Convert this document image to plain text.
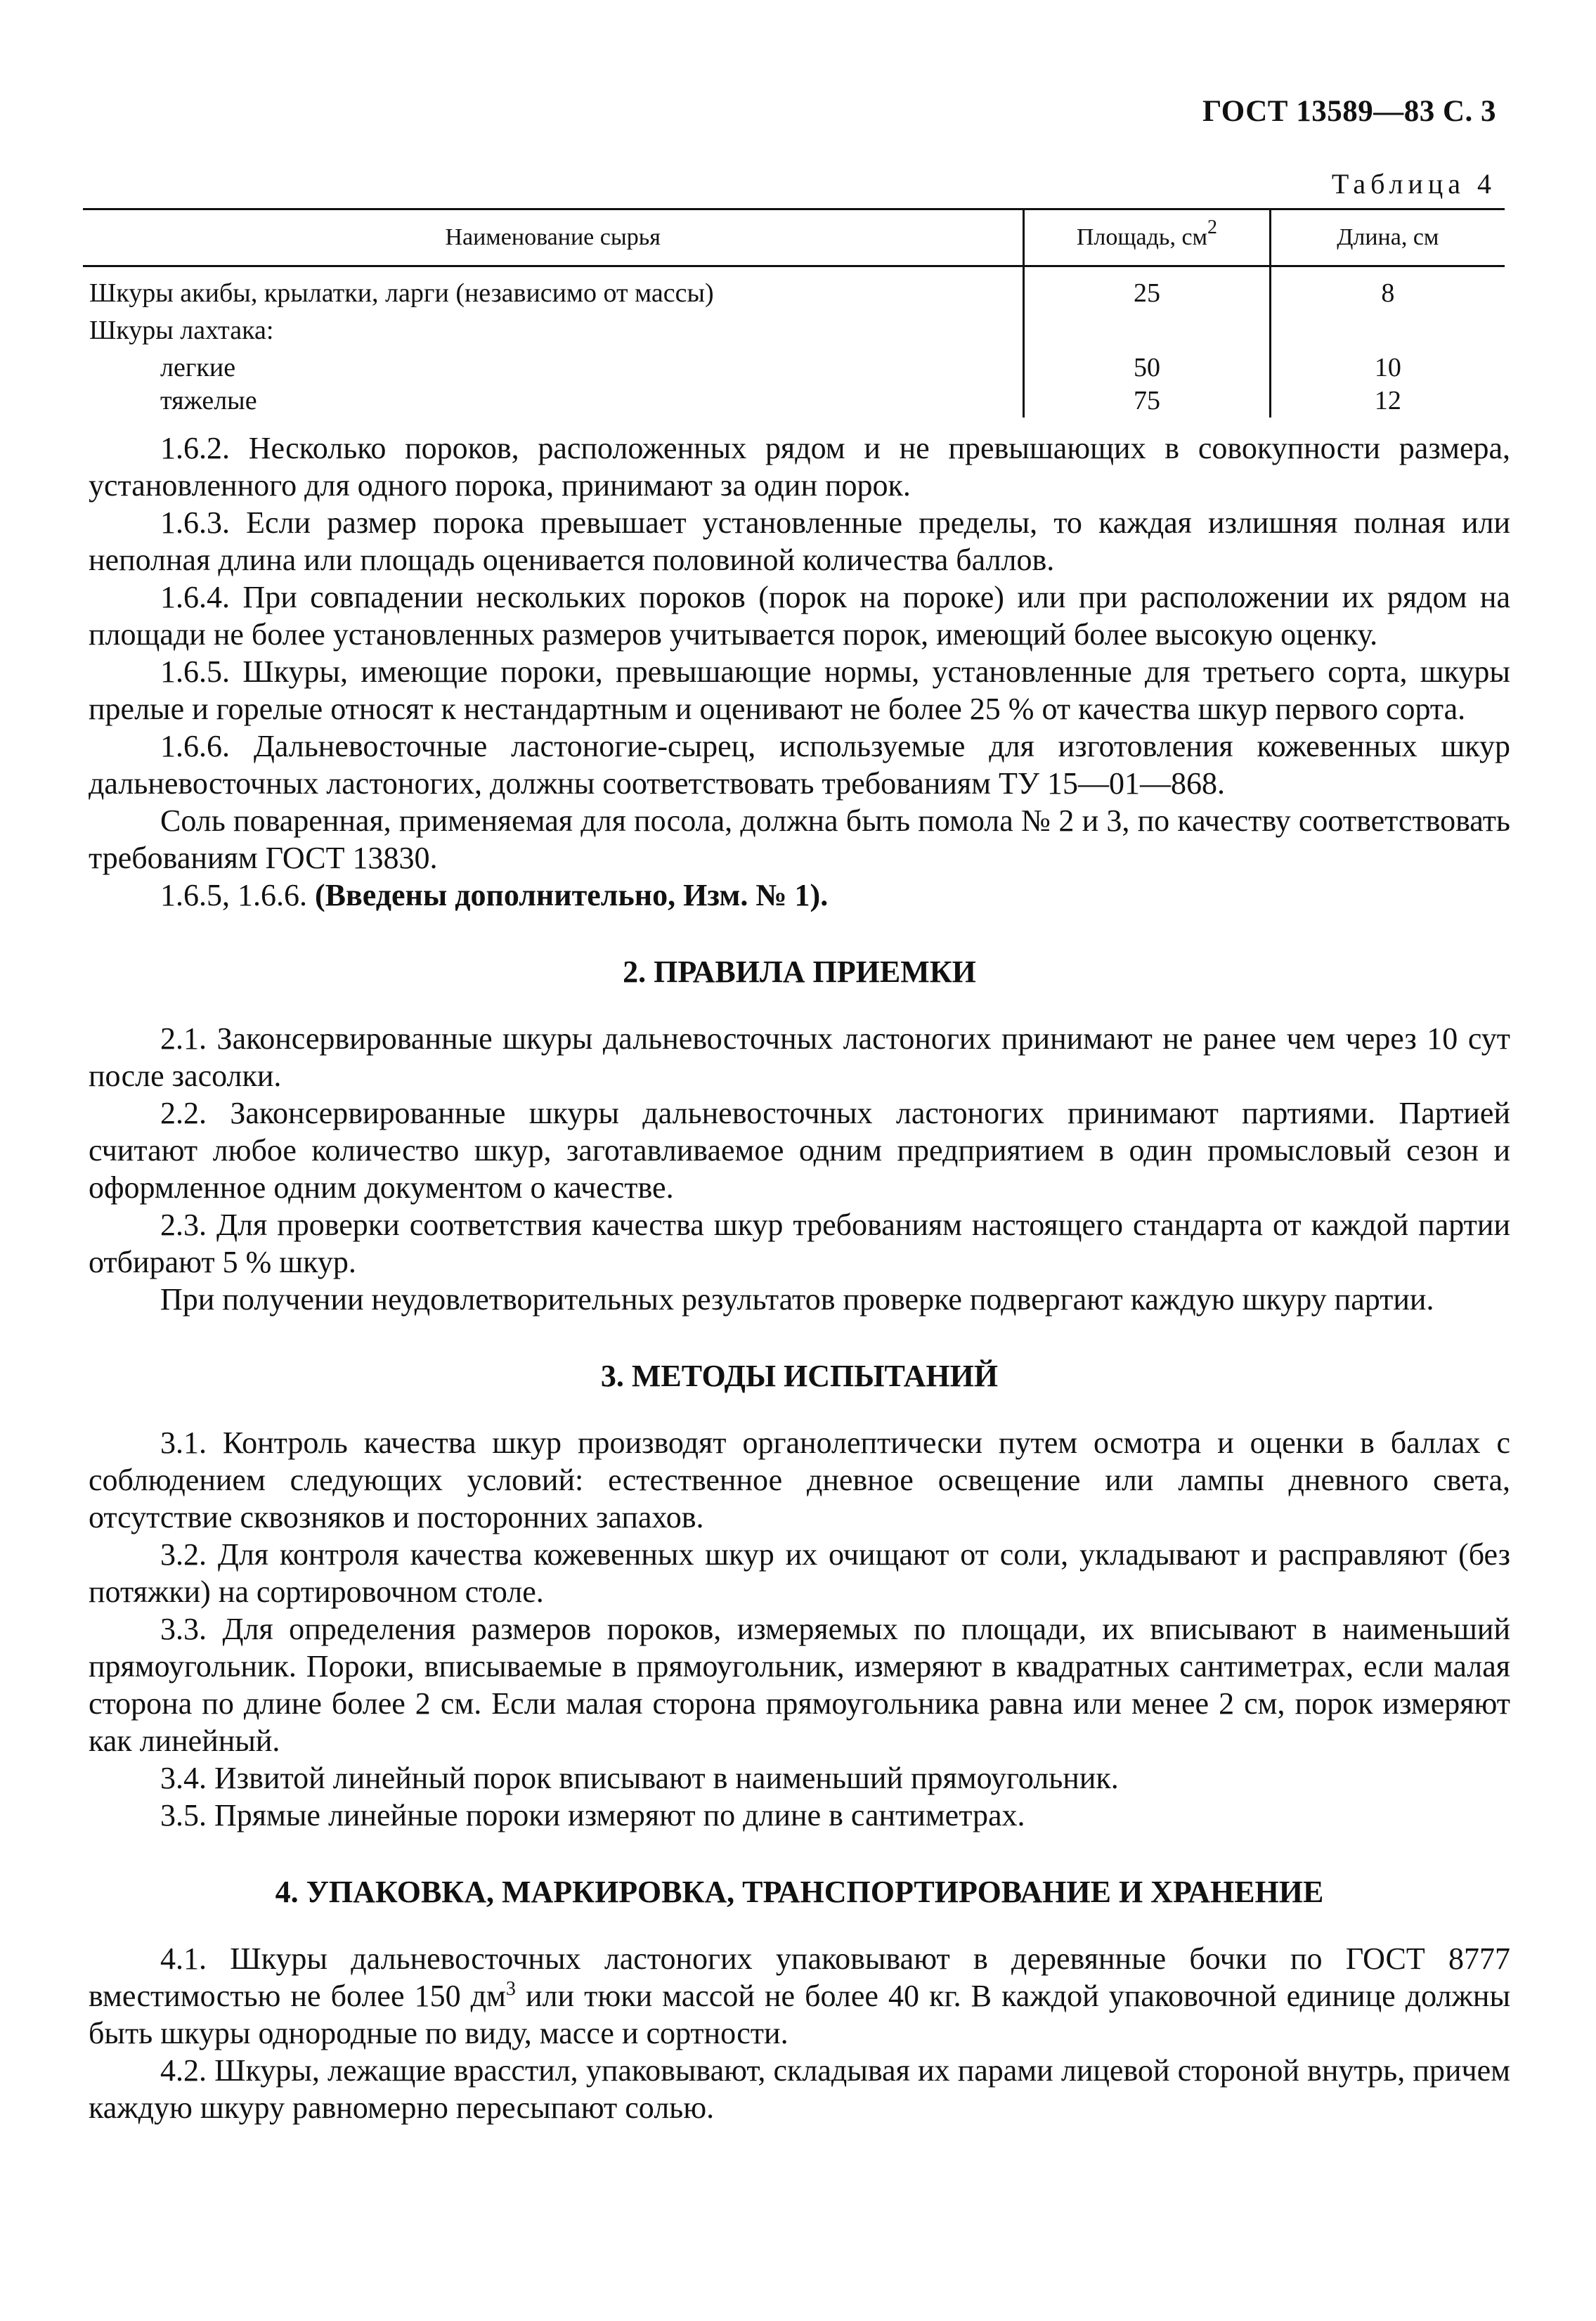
ГОСТ 13589—83 С. 3
Таблица 4
Наименование сырья	Площадь, $см^2$	Длина, см
Шкуры акибы, крылатки, ларги (независимо от массы)	25	8
Шкуры лахтака:		
легкие	50	10
тяжелые	75	12

1.6.2. Несколько пороков, расположенных рядом и не превышающих в совокупности размера, установленного для одного порока, принимают за один порок.

1.6.3. Если размер порока превышает установленные пределы, то каждая излишняя полная или неполная длина или площадь оценивается половиной количества баллов.

1.6.4. При совпадении нескольких пороков (порок на пороке) или при расположении их рядом на площади не более установленных размеров учитывается порок, имеющий более высокую оценку.

1.6.5. Шкуры, имеющие пороки, превышающие нормы, установленные для третьего сорта, шкуры прелые и горелые относят к нестандартным и оценивают не более 25 % от качества шкур первого сорта.

1.6.6. Дальневосточные ластоногие-сырец, используемые для изготовления кожевенных шкур дальневосточных ластоногих, должны соответствовать требованиям ТУ 15—01—868.

Соль поваренная, применяемая для посола, должна быть помола № 2 и 3, по качеству соответствовать требованиям ГОСТ 13830.

1.6.5, 1.6.6. (Введены дополнительно, Изм. № 1).

2. ПРАВИЛА ПРИЕМКИ

2.1. Законсервированные шкуры дальневосточных ластоногих принимают не ранее чем через 10 сут после засолки.

2.2. Законсервированные шкуры дальневосточных ластоногих принимают партиями. Партией считают любое количество шкур, заготавливаемое одним предприятием в один промысловый сезон и оформленное одним документом о качестве.

2.3. Для проверки соответствия качества шкур требованиям настоящего стандарта от каждой партии отбирают 5 % шкур.

При получении неудовлетворительных результатов проверке подвергают каждую шкуру партии.

3. МЕТОДЫ ИСПЫТАНИЙ

3.1. Контроль качества шкур производят органолептически путем осмотра и оценки в баллах с соблюдением следующих условий: естественное дневное освещение или лампы дневного света, отсутствие сквозняков и посторонних запахов.

3.2. Для контроля качества кожевенных шкур их очищают от соли, укладывают и расправляют (без потяжки) на сортировочном столе.

3.3. Для определения размеров пороков, измеряемых по площади, их вписывают в наименьший прямоугольник. Пороки, вписываемые в прямоугольник, измеряют в квадратных сантиметрах, если малая сторона по длине более 2 см. Если малая сторона прямоугольника равна или менее 2 см, порок измеряют как линейный.

3.4. Извитой линейный порок вписывают в наименьший прямоугольник.

3.5. Прямые линейные пороки измеряют по длине в сантиметрах.

4. УПАКОВКА, МАРКИРОВКА, ТРАНСПОРТИРОВАНИЕ И ХРАНЕНИЕ

4.1. Шкуры дальневосточных ластоногих упаковывают в деревянные бочки по ГОСТ 8777 вместимостью не более 150 $дм^3$ или тюки массой не более 40 кг. В каждой упаковочной единице должны быть шкуры однородные по виду, массе и сортности.

4.2. Шкуры, лежащие врасстил, упаковывают, складывая их парами лицевой стороной внутрь, причем каждую шкуру равномерно пересыпают солью.
